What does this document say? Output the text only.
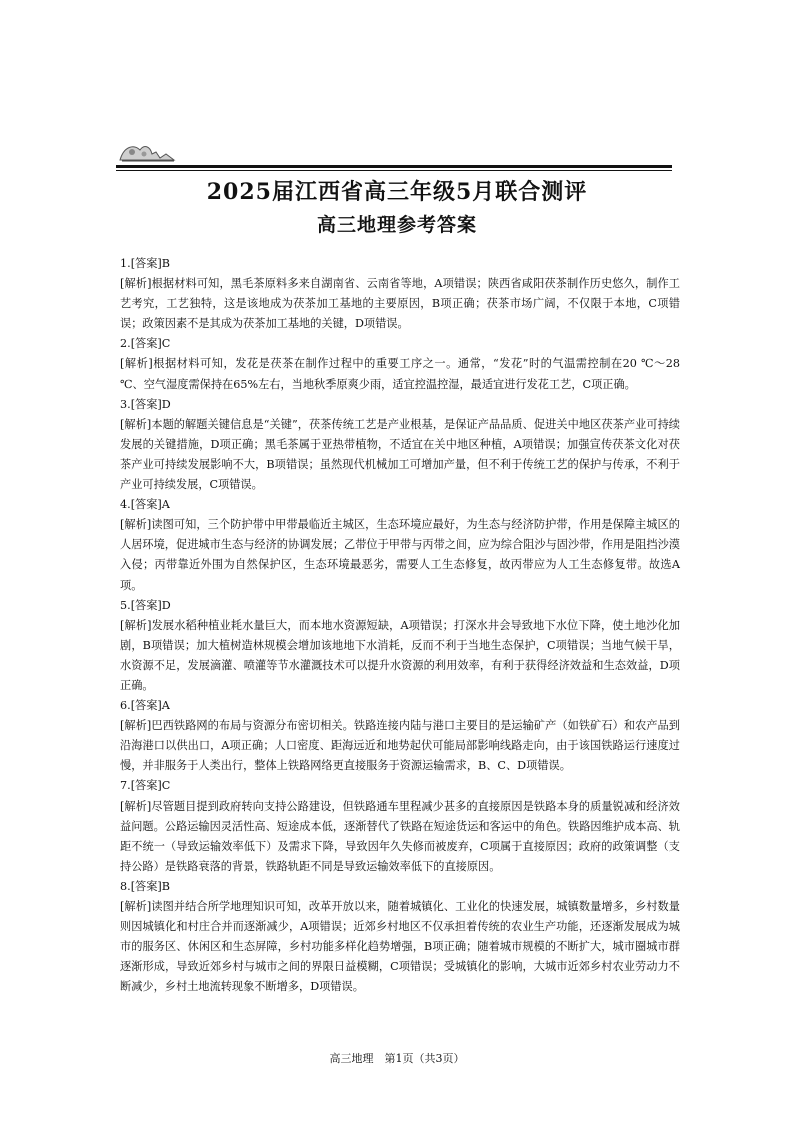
2025届江西省高三年级5月联合测评
高三地理参考答案

1.[答案]B

[解析]根据材料可知，黑毛茶原料多来自湖南省、云南省等地，A项错误；陕西省咸阳茯茶制作历史悠久，制作工艺考究，工艺独特，这是该地成为茯茶加工基地的主要原因，B项正确；茯茶市场广阔，不仅限于本地，C项错误；政策因素不是其成为茯茶加工基地的关键，D项错误。

2.[答案]C

[解析]根据材料可知，发花是茯茶在制作过程中的重要工序之一。通常，“发花”时的气温需控制在20 ℃～28 ℃、空气湿度需保持在65%左右，当地秋季原爽少雨，适宜控温控湿，最适宜进行发花工艺，C项正确。

3.[答案]D

[解析]本题的解题关键信息是“关键”，茯茶传统工艺是产业根基，是保证产品品质、促进关中地区茯茶产业可持续发展的关键措施，D项正确；黑毛茶属于亚热带植物，不适宜在关中地区种植，A项错误；加强宣传茯茶文化对茯茶产业可持续发展影响不大，B项错误；虽然现代机械加工可增加产量，但不利于传统工艺的保护与传承，不利于产业可持续发展，C项错误。

4.[答案]A

[解析]读图可知，三个防护带中甲带最临近主城区，生态环境应最好，为生态与经济防护带，作用是保障主城区的人居环境，促进城市生态与经济的协调发展；乙带位于甲带与丙带之间，应为综合阻沙与固沙带，作用是阻挡沙漠入侵；丙带靠近外围为自然保护区，生态环境最恶劣，需要人工生态修复，故丙带应为人工生态修复带。故选A项。

5.[答案]D

[解析]发展水稻种植业耗水量巨大，而本地水资源短缺，A项错误；打深水井会导致地下水位下降，使土地沙化加剧，B项错误；加大植树造林规模会增加该地地下水消耗，反而不利于当地生态保护，C项错误；当地气候干旱，水资源不足，发展滴灌、喷灌等节水灌溉技术可以提升水资源的利用效率，有利于获得经济效益和生态效益，D项正确。

6.[答案]A

[解析]巴西铁路网的布局与资源分布密切相关。铁路连接内陆与港口主要目的是运输矿产（如铁矿石）和农产品到沿海港口以供出口，A项正确；人口密度、距海远近和地势起伏可能局部影响线路走向，由于该国铁路运行速度过慢，并非服务于人类出行，整体上铁路网络更直接服务于资源运输需求，B、C、D项错误。

7.[答案]C

[解析]尽管题目提到政府转向支持公路建设，但铁路通车里程减少甚多的直接原因是铁路本身的质量锐减和经济效益问题。公路运输因灵活性高、短途成本低，逐渐替代了铁路在短途货运和客运中的角色。铁路因维护成本高、轨距不统一（导致运输效率低下）及需求下降，导致因年久失修而被废弃，C项属于直接原因；政府的政策调整（支持公路）是铁路衰落的背景，铁路轨距不同是导致运输效率低下的直接原因。

8.[答案]B

[解析]读图并结合所学地理知识可知，改革开放以来，随着城镇化、工业化的快速发展，城镇数量增多，乡村数量则因城镇化和村庄合并而逐渐减少，A项错误；近郊乡村地区不仅承担着传统的农业生产功能，还逐渐发展成为城市的服务区、休闲区和生态屏障，乡村功能多样化趋势增强，B项正确；随着城市规模的不断扩大，城市圈城市群逐渐形成，导致近郊乡村与城市之间的界限日益模糊，C项错误；受城镇化的影响，大城市近郊乡村农业劳动力不断减少，乡村土地流转现象不断增多，D项错误。

高三地理　第1页（共3页）
